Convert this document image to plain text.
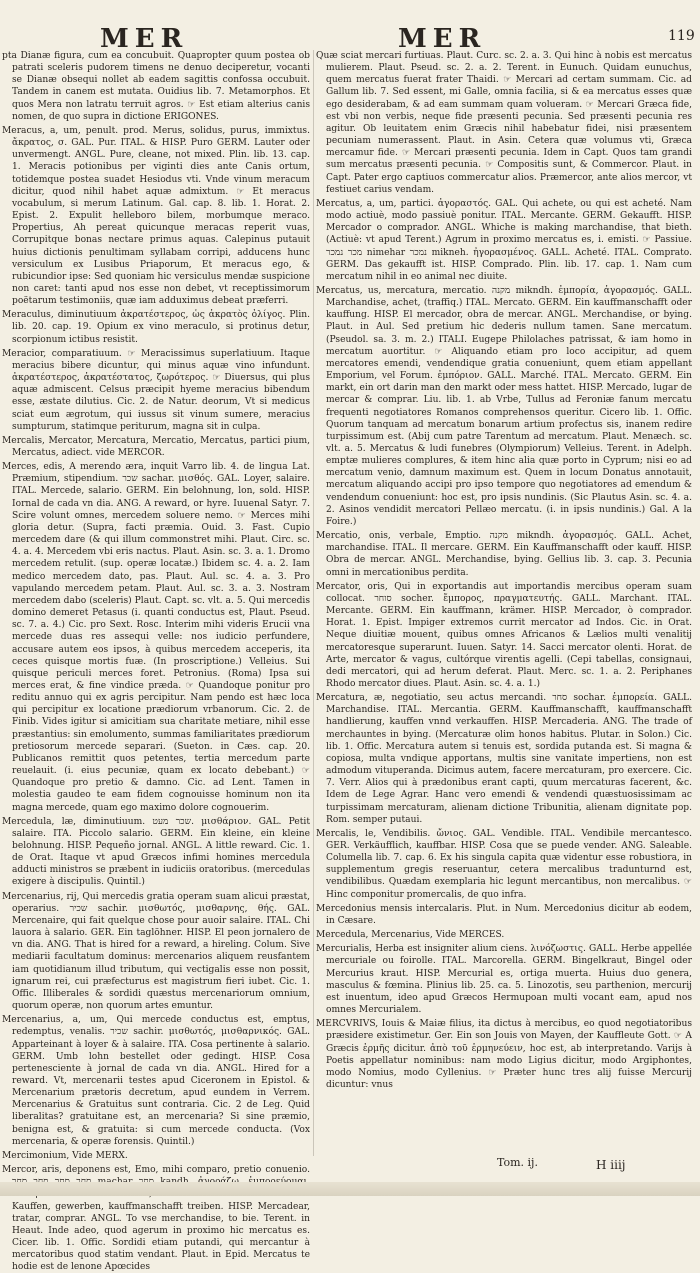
MER	MER	119

pta Dianæ figura, cum ea concubuit. Quapropter quum postea ob patrati sceleris pudorem timens ne denuo deciperetur, vocanti se Dianæ obsequi nollet ab eadem sagittis confossa occubuit. Tandem in canem est mutata. Ouidius lib. 7. Metamorphos. Et quos Mera non latratu terruit agros. ☞ Est etiam alterius canis nomen, de quo supra in dictione ERIGONES.

Meracus, a, um, penult. prod. Merus, solidus, purus, immixtus. ἄκρατος, σ. GAL. Pur. ITAL. & HISP. Puro GERM. Lauter oder unvermengt. ANGL. Pure, cleane, not mixed. Plin. lib. 13. cap. 1. Meracis potionibus per viginti dies ante Canis ortum, totidemque postea suadet Hesiodus vti. Vnde vinum meracum dicitur, quod nihil habet aquæ admixtum. ☞ Et meracus vocabulum, si merum Latinum. Gal. cap. 8. lib. 1. Horat. 2. Epist. 2. Expulit helleboro bilem, morbumque meraco. Propertius, Ah pereat quicunque meracas reperit vuas, Corrupitque bonas nectare primus aquas. Calepinus putauit huius dictionis penultimam syllabam corripi, adducens hunc versiculum ex Lusibus Priaporum, Et meracus ego, & rubicundior ipse: Sed quoniam hic versiculus mendæ suspicione non caret: tanti apud nos esse non debet, vt receptissimorum poëtarum testimoniis, quæ iam adduximus debeat præferri.

Meraculus, diminutiuum ἀκρατέστερος, ὡς ἀκρατὸς ὀλίγος. Plin. lib. 20. cap. 19. Opium ex vino meraculo, si protinus detur, scorpionum ictibus resistit.

Meracior, comparatiuum. ☞ Meracissimus superlatiuum. Itaque meracius bibere dicuntur, qui minus aquæ vino infundunt. ἀκρατέστερος, ἀκρατέστατος, ζωρότερος. ☞ Diuersus, qui plus aquæ admiscent. Celsus præcipit hyeme meracius bibendum esse, æstate dilutius. Cic. 2. de Natur. deorum, Vt si medicus sciat eum ægrotum, qui iussus sit vinum sumere, meracius sumpturum, statimque periturum, magna sit in culpa.

Mercalis, Mercator, Mercatura, Mercatio, Mercatus, partici pium, Mercatus, adiect. vide MERCOR.

Merces, edis, A merendo æra, inquit Varro lib. 4. de lingua Lat. Præmium, stipendium. שכר sachar. μισθός. GAL. Loyer, salaire. ITAL. Mercede, salario. GERM. Ein belohnung, lon, sold. HISP. Iornal de cada vn dia. ANG. A reward, or hyre. Iuuenal Satyr. 7. Scire volunt omnes, mercedem soluere nemo. ☞ Merces mihi gloria detur. (Supra, facti præmia. Ouid. 3. Fast. Cupio mercedem dare (& qui illum commonstret mihi. Plaut. Circ. sc. 4. a. 4. Mercedem vbi eris nactus. Plaut. Asin. sc. 3. a. 1. Dromo mercedem retulit. (sup. operæ locatæ.) Ibidem sc. 4. a. 2. Iam medico mercedem dato, pas. Plaut. Aul. sc. 4. a. 3. Pro vapulando mercedem petam. Plaut. Aul. sc. 3. a. 3. Nostram mercedem dabo (sceleris) Plaut. Capt. sc. vlt. a. 5. Qui mercedis domino demeret Petasus (i. quanti conductus est, Plaut. Pseud. sc. 7. a. 4.) Cic. pro Sext. Rosc. Interim mihi videris Erucii vna mercede duas res assequi velle: nos iudicio perfundere, accusare autem eos ipsos, à quibus mercedem acceperis, ita ceces quisque mortis fuæ. (In proscriptione.) Velleius. Sui quisque periculi merces foret. Petronius. (Roma) Ipsa sui merces erat, & fine vindice præda. ☞ Quandoque ponitur pro reditu annuo qui ex agris percipitur. Nam pendo est hæc loca qui percipitur ex locatione prædiorum vrbanorum. Cic. 2. de Finib. Vides igitur si amicitiam sua charitate metiare, nihil esse præstantius: sin emolumento, summas familiaritates prædiorum pretiosorum mercede separari. (Sueton. in Cæs. cap. 20. Publicanos remittit quos petentes, tertia mercedum parte reuelauit. (i. eius pecuniæ, quam ex locato debebant.) ☞ Quandoque pro pretio & damno. Cic. ad Lent. Tamen in molestia gaudeo te eam fidem cognouisse hominum non ita magna mercede, quam ego maximo dolore cognouerim.

Mercedula, læ, diminutiuum. שכר מעט. μισθάριον. GAL. Petit salaire. ITA. Piccolo salario. GERM. Ein kleine, ein kleine belohnung. HISP. Pequeño jornal. ANGL. A little reward. Cic. 1. de Orat. Itaque vt apud Græcos infimi homines mercedula adducti ministros se præbent in iudiciis oratoribus. (mercedulas exigere à discipulis. Quintil.)

Mercenarius, rij, Qui mercedis gratia operam suam alicui præstat, operarius. שכיר sachir. μισθωτός, μισθαρνης, θής. GAL. Mercenaire, qui fait quelque chose pour auoir salaire. ITAL. Chi lauora à salario. GER. Ein taglöhner. HISP. El peon jornalero de vn dia. ANG. That is hired for a reward, a hireling. Colum. Sive mediarii facultatum dominus: mercenarios aliquem reusfantem iam quotidianum illud tributum, qui vectigalis esse non possit, ignarum rei, cui præfecturus est magistrum fieri iubet. Cic. 1. Offic. Illiberales & sordidi quæstus mercenariorum omnium, quorum operæ, non quorum artes emuntur.

Mercenarius, a, um, Qui mercede conductus est, emptus, redemptus, venalis. שכיר sachir. μισθωτός, μισθαρνικός. GAL. Apparteinant à loyer & à salaire. ITA. Cosa pertinente à salario. GERM. Umb lohn bestellet oder gedingt. HISP. Cosa pertenesciente à jornal de cada vn dia. ANGL. Hired for a reward. Vt, mercenarii testes apud Ciceronem in Epistol. & Mercenarium prætoris decretum, apud eundem in Verrem. Mercenarius & Gratuitus sunt contraria. Cic. 2 de Leg. Quid liberalitas? gratuitane est, an mercenaria? Si sine præmio, benigna est, & gratuita: si cum mercede conducta. (Vox mercenaria, & operæ forensis. Quintil.)

Mercimonium, Vide MERX.

Mercor, aris, deponens est, Emo, mihi comparo, pretio conuenio. Kauffen, gewerben, kauffmanschafft treiben. HISP. Mercadear, tratar, comprar. ANGL. To vse merchandise, to bie. Terent. in Heaut. Inde adeo, quod agerum in proximo hic mercatus es. Cicer. lib. 1. Offic. Sordidi etiam putandi, qui mercantur à mercatoribus quod statim vendant. Plaut. in Epid. Mercatus te hodie est de lenone Apœcides

Quæ sciat mercari furtiuas. Plaut. Curc. sc. 2. a. 3. Qui hinc à nobis est mercatus mulierem. Plaut. Pseud. sc. 2. a. 2. Terent. in Eunuch. Quidam eunuchus, quem mercatus fuerat frater Thaidi. ☞ Mercari ad certam summam. Cic. ad Gallum lib. 7. Sed essent, mi Galle, omnia facilia, si & ea mercatus esses quæ ego desiderabam, & ad eam summam quam volueram. ☞ Mercari Græca fide, est vbi non verbis, neque fide præsenti pecunia. Sed præsenti pecunia res agitur. Ob leuitatem enim Græcis nihil habebatur fidei, nisi præsentem pecuniam numerassent. Plaut. in Asin. Cetera quæ volumus vti, Græca mercamur fide. ☞ Mercari præsenti pecunia. Idem in Capt. Quos tam grandi sum mercatus præsenti pecunia. ☞ Compositis sunt, & Commercor. Plaut. in Capt. Pater ergo captiuos commercatur alios. Præmercor, ante alios mercor, vt festiuet carius vendam.

Mercatus, a, um, partici. ἀγοραστός. GAL. Qui achete, ou qui est acheté. Nam modo actiuè, modo passiuè ponitur. ITAL. Mercante. GERM. Gekaufft. HISP. Mercador o comprador. ANGL. Whiche is making marchandise, that bieth. (Actiuè: vt apud Terent.) Agrum in proximo mercatus es, i. emisti. ☞ Passiue. מכר נמכר nimehar נמכר mikneh. ἠγορασμένος. GALL. Acheté. ITAL. Comprato. GERM. Das gekaufft ist. HISP. Comprado. Plin. lib. 17. cap. 1. Nam cum mercatum nihil in eo animal nec diuite.

Mercatus, us, mercatura, mercatio. מקנה mikndh. ἐμπορία, ἀγορασμός. GALL. Marchandise, achet, (traffiq.) ITAL. Mercato. GERM. Ein kauffmanschafft oder kauffung. HISP. El mercador, obra de mercar. ANGL. Merchandise, or bying. Plaut. in Aul. Sed pretium hic dederis nullum tamen. Sane mercatum. (Pseudol. sa. 3. m. 2.) ITALI. Eugepe Philolaches patrissat, & iam homo in mercatum auortitur. ☞ Aliquando etiam pro loco accipitur, ad quem mercatores emendi, vendendique gratia conueniunt, quem etiam appellant Emporium, vel Forum. ἐμπόριον. GALL. Marché. ITAL. Mercato. GERM. Ein markt, ein ort darin man den markt oder mess hattet. HISP. Mercado, lugar de mercar & comprar. Liu. lib. 1. ab Vrbe, Tullus ad Feroniæ fanum mercatu frequenti negotiatores Romanos comprehensos queritur. Cicero lib. 1. Offic. Quorum tanquam ad mercatum bonarum artium profectus sis, inanem redire turpissimum est. (Abij cum patre Tarentum ad mercatum. Plaut. Menæch. sc. vlt. a. 5. Mercatus & ludi funebres (Olympiorum) Velleius. Terent. in Adelph. emptæ mulieres complures, & item hinc alia quæ porto in Cyprum; nisi eo ad mercatum venio, damnum maximum est. Quem in locum Donatus annotauit, mercatum aliquando accipi pro ipso tempore quo negotiatores ad emendum & vendendum conueniunt: hoc est, pro ipsis nundinis. (Sic Plautus Asin. sc. 4. a. 2. Asinos vendidit mercatori Pellæo mercatu. (i. in ipsis nundinis.) Gal. A la Foire.)

Mercatio, onis, verbale, Emptio. מקנה mikndh. ἀγορασμός. GALL. Achet, marchandise. ITAL. Il mercare. GERM. Ein Kauffmanschafft oder kauff. HISP. Obra de mercar. ANGL. Merchandise, bying. Gellius lib. 3. cap. 3. Pecunia omni in mercationibus perdita.

Mercator, oris, Qui in exportandis aut importandis mercibus operam suam collocat. סוחר socher. ἔμπορος, πραγματευτής. GALL. Marchant. ITAL. Mercante. GERM. Ein kauffmann, krämer. HISP. Mercador, ò comprador. Horat. 1. Epist. Impiger extremos currit mercator ad Indos. Cic. in Orat. Neque diuitiæ mouent, quibus omnes Africanos & Lælios multi venalitij mercatoresque superarunt. Iuuen. Satyr. 14. Sacci mercator olenti. Horat. de Arte, mercator & vagus, cultórque virentis agelli. (Cepi tabellas, consignaui, dedi mercatori, qui ad herum deferat. Plaut. Merc. sc. 1. a. 2. Periphanes Rhodo mercator diues. Plaut. Asin. sc. 4. a. 1.)

Mercatura, æ, negotiatio, seu actus mercandi. סחר sochar. ἐμπορεία. GALL. Marchandise. ITAL. Mercantia. GERM. Kauffmanschafft, kauffmanschafft handlierung, kauffen vnnd verkauffen. HISP. Mercaderia. ANG. The trade of merchauntes in bying. (Mercaturæ olim honos habitus. Plutar. in Solon.) Cic. lib. 1. Offic. Mercatura autem si tenuis est, sordida putanda est. Si magna & copiosa, multa vndique apportans, multis sine vanitate impertiens, non est admodum vituperanda. Dicimus autem, facere mercaturam, pro exercere. Cic. 7. Verr. Alios qui à prædonibus erant capti, quum mercaturas facerent, &c. Idem de Lege Agrar. Hanc vero emendi & vendendi quæstuosissimam ac turpissimam mercaturam, alienam dictione Tribunitia, alienam dignitate pop. Rom. semper putaui.

Mercalis, le, Vendibilis. ὤνιος. GAL. Vendible. ITAL. Vendibile mercantesco. GER. Verkäufflich, kauffbar. HISP. Cosa que se puede vender. ANG. Saleable. Columella lib. 7. cap. 6. Ex his singula capita quæ videntur esse robustiora, in supplementum gregis reseruantur, cetera mercalibus tradunturnd est, vendibilibus. Quædam exemplaria hic legunt mercantibus, non mercalibus. ☞ Hinc componitur promercalis, de quo infra.

Mercedonius mensis intercalaris. Plut. in Num. Mercedonius dicitur ab eodem, in Cæsare.

Mercedula, Mercenarius, Vide MERCES.

Mercurialis, Herba est insigniter alium ciens. λινόζωστις. GALL. Herbe appellée mercuriale ou foirolle. ITAL. Marcorella. GERM. Bingelkraut, Bingel oder Mercurius kraut. HISP. Mercurial es, ortiga muerta. Huius duo genera, masculus & fœmina. Plinius lib. 25. ca. 5. Linozotis, seu parthenion, mercurij est inuentum, ideo apud Græcos Hermupoan multi vocant eam, apud nos omnes Mercurialem.

MERCVRIVS, Iouis & Maiæ filius, ita dictus à mercibus, eo quod negotiatoribus præsidere existimetur. Ger. Ein son Jouis von Mayen, der Kauffleute Gott. ☞ A Græcis ἑρμῆς dicitur. ἀπὸ τοῦ ἑρμηνεύειν, hoc est, ab interpretando. Varijs à Poetis appellatur nominibus: nam modo Ligius dicitur, modo Argiphontes, modo Nomius, modo Cyllenius. ☞ Præter hunc tres alij fuisse Mercurij dicuntur: vnus

Tom. ij.	H iiij
